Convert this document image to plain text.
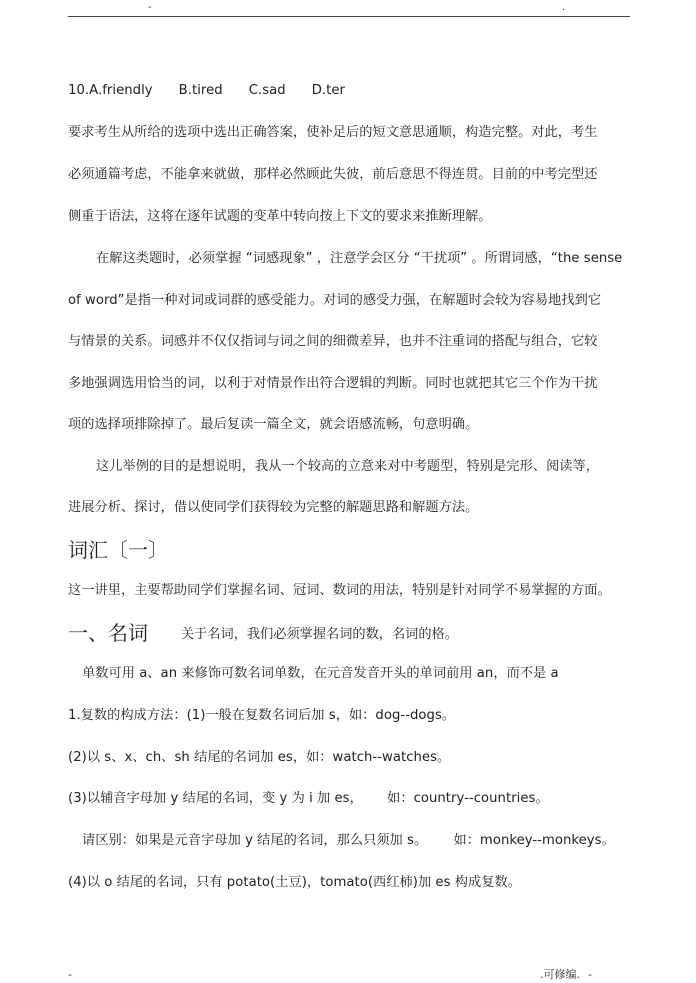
-	.
10.A.friendly B.tired C.sad D.ter
要求考生从所给的选项中选出正确答案，使补足后的短文意思通顺，构造完整。对此，考生
必须通篇考虑，不能拿来就做，那样必然顾此失彼，前后意思不得连贯。目前的中考完型还
侧重于语法，这将在逐年试题的变革中转向按上下文的要求来推断理解。
在解这类题时，必须掌握 “词感现象” ，注意学会区分 “干扰项” 。所谓词感，“the sense
of word”是指一种对词或词群的感受能力。对词的感受力强，在解题时会较为容易地找到它
与情景的关系。词感并不仅仅指词与词之间的细微差异，也并不注重词的搭配与组合，它较
多地强调选用恰当的词，以利于对情景作出符合逻辑的判断。同时也就把其它三个作为干扰
项的选择项排除掉了。最后复读一篇全文，就会语感流畅，句意明确。
这儿举例的目的是想说明，我从一个较高的立意来对中考题型，特别是完形、阅读等，
进展分析、探讨，借以使同学们获得较为完整的解题思路和解题方法。
词汇〔一〕
这一讲里，主要帮助同学们掌握名词、冠词、数词的用法，特别是针对同学不易掌握的方面。
一、名词	关于名词，我们必须掌握名词的数，名词的格。
单数可用 a、an 来修饰可数名词单数，在元音发音开头的单词前用 an，而不是 a
1.复数的构成方法：(1)一般在复数名词后加 s，如：dog--dogs。
(2)以 s、x、ch、sh 结尾的名词加 es，如：watch--watches。
(3)以辅音字母加 y 结尾的名词，变 y 为 i 加 es， 如：country--countries。
请区别：如果是元音字母加 y 结尾的名词，那么只须加 s。 如：monkey--monkeys。
(4)以 o 结尾的名词，只有 potato(土豆)，tomato(西红柿)加 es 构成复数。
-	.可修编. -
